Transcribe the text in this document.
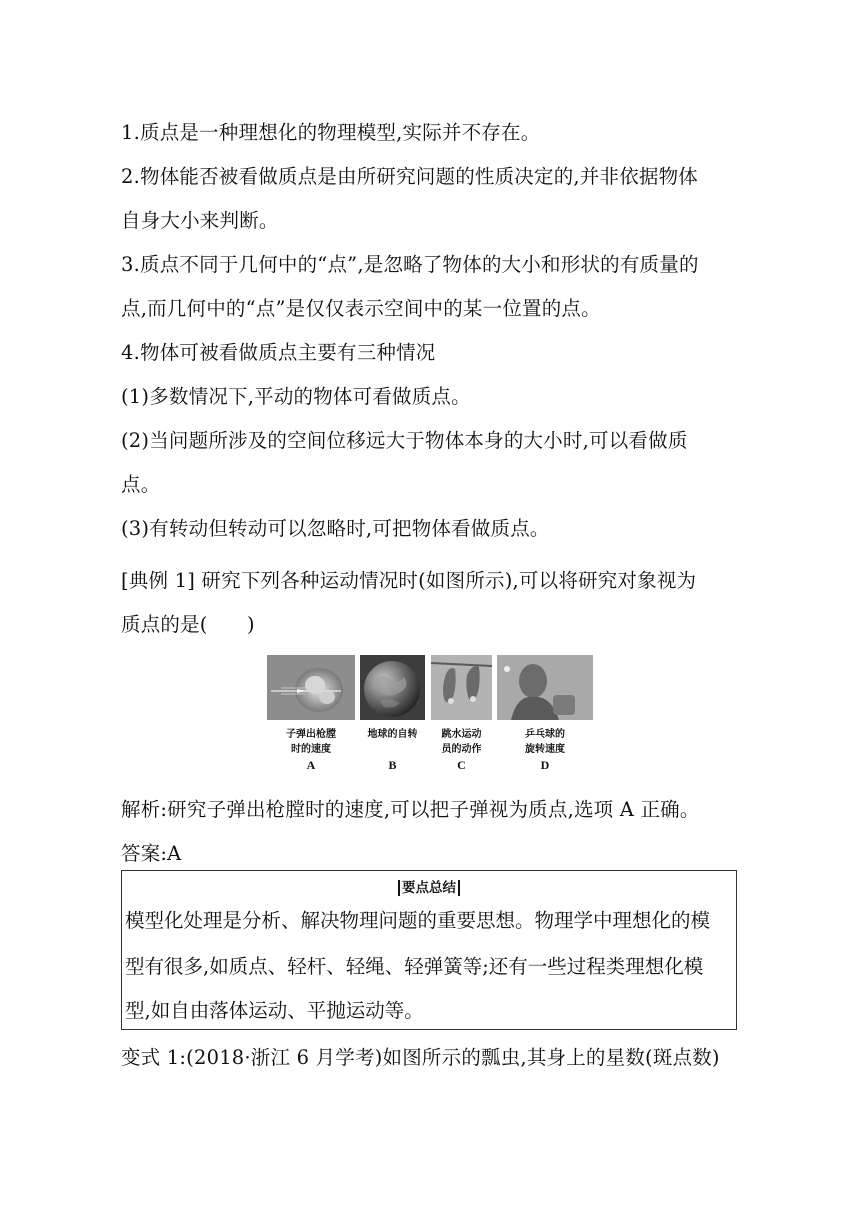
1.质点是一种理想化的物理模型,实际并不存在。
2.物体能否被看做质点是由所研究问题的性质决定的,并非依据物体
自身大小来判断。
3.质点不同于几何中的“点”,是忽略了物体的大小和形状的有质量的
点,而几何中的“点”是仅仅表示空间中的某一位置的点。
4.物体可被看做质点主要有三种情况
(1)多数情况下,平动的物体可看做质点。
(2)当问题所涉及的空间位移远大于物体本身的大小时,可以看做质
点。
(3)有转动但转动可以忽略时,可把物体看做质点。
[典例 1] 研究下列各种运动情况时(如图所示),可以将研究对象视为
质点的是(　　)
子弹出枪膛
时的速度
地球的自转	跳水运动
员的动作
乒乓球的
旋转速度
A	B	C	D
解析:研究子弹出枪膛时的速度,可以把子弹视为质点,选项 A 正确。
答案:A
要点总结
模型化处理是分析、解决物理问题的重要思想。物理学中理想化的模
型有很多,如质点、轻杆、轻绳、轻弹簧等;还有一些过程类理想化模
型,如自由落体运动、平抛运动等。
变式 1:(2018·浙江 6 月学考)如图所示的瓢虫,其身上的星数(斑点数)
